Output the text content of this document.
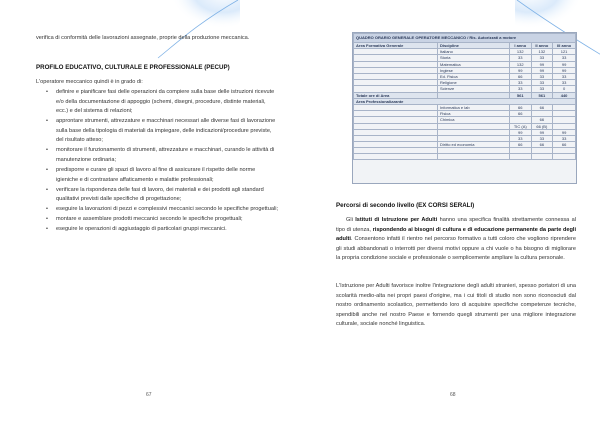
verifica di conformità delle lavorazioni assegnate, proprie della produzione meccanica.
PROFILO EDUCATIVO, CULTURALE E PROFESSIONALE (PECUP)
L'operatore meccanico quindi è in grado di:
• definire e pianificare fasi delle operazioni da compiere sulla base delle istruzioni ricevute e/o della documentazione di appoggio (schemi, disegni, procedure, distinte materiali, ecc.) e del sistema di relazioni;
• approntare strumenti, attrezzature e macchinari necessari alle diverse fasi di lavorazione sulla base della tipologia di materiali da impiegare, delle indicazioni/procedure previste, del risultato atteso;
• monitorare il funzionamento di strumenti, attrezzature e macchinari, curando le attività di manutenzione ordinaria;
• predisporre e curare gli spazi di lavoro al fine di assicurare il rispetto delle norme igieniche e di contrastare affaticamento e malattie professionali;
• verificare la rispondenza delle fasi di lavoro, dei materiali e dei prodotti agli standard qualitativi previsti dalle specifiche di progettazione;
• eseguire la lavorazioni di pezzi e complessivi meccanici secondo le specifiche progettuali;
• montare e assemblare prodotti meccanici secondo le specifiche progettuali;
• eseguire le operazioni di aggiustaggio di particolari gruppi meccanici.
67
QUADRO ORARIO GENERALE OPERATORE MECCANICO / Ris. Autorizzati a motore				
Area Formativa Generale	Discipline	I anno	II anno	III anno
	Italiano	132	132	121
	Storia	33	33	33
	Matematica	132	99	99
	Inglese	99	99	99
	Ed. Fisica	66	33	33
	Religione	33	33	33
	Scienze	33	33	0
Totale ore di Area		561	561	440
Area Professionalizzante				
	Informatica e lab	66	66	
	Fisica	66		
	Chimica		66	
		TIC (A)	66 (B)	
		99	99	99
		33	33	33
	Diritto ed economia	66	66	66

Percorsi di secondo livello (EX CORSI SERALI)

Gli Istituti di Istruzione per Adulti hanno una specifica finalità strettamente connessa al tipo di utenza, rispondendo ai bisogni di cultura e di educazione permanente da parte degli adulti. Consentono infatti il rientro nel percorso formativo a tutti coloro che vogliono riprendere gli studi abbandonati o interrotti per diversi motivi oppure a chi vuole o ha bisogno di migliorare la propria condizione sociale e professionale o semplicemente ampliare la cultura personale.

L'Istruzione per Adulti favorisce inoltre l'integrazione degli adulti stranieri, spesso portatori di una scolarità medio-alta nei propri paesi d'origine, ma i cui titoli di studio non sono riconosciuti dal nostro ordinamento scolastico, permettendo loro di acquisire specifiche competenze tecniche, spendibili anche nel nostro Paese e fornendo quegli strumenti per una migliore integrazione culturale, sociale nonché linguistica.

68
